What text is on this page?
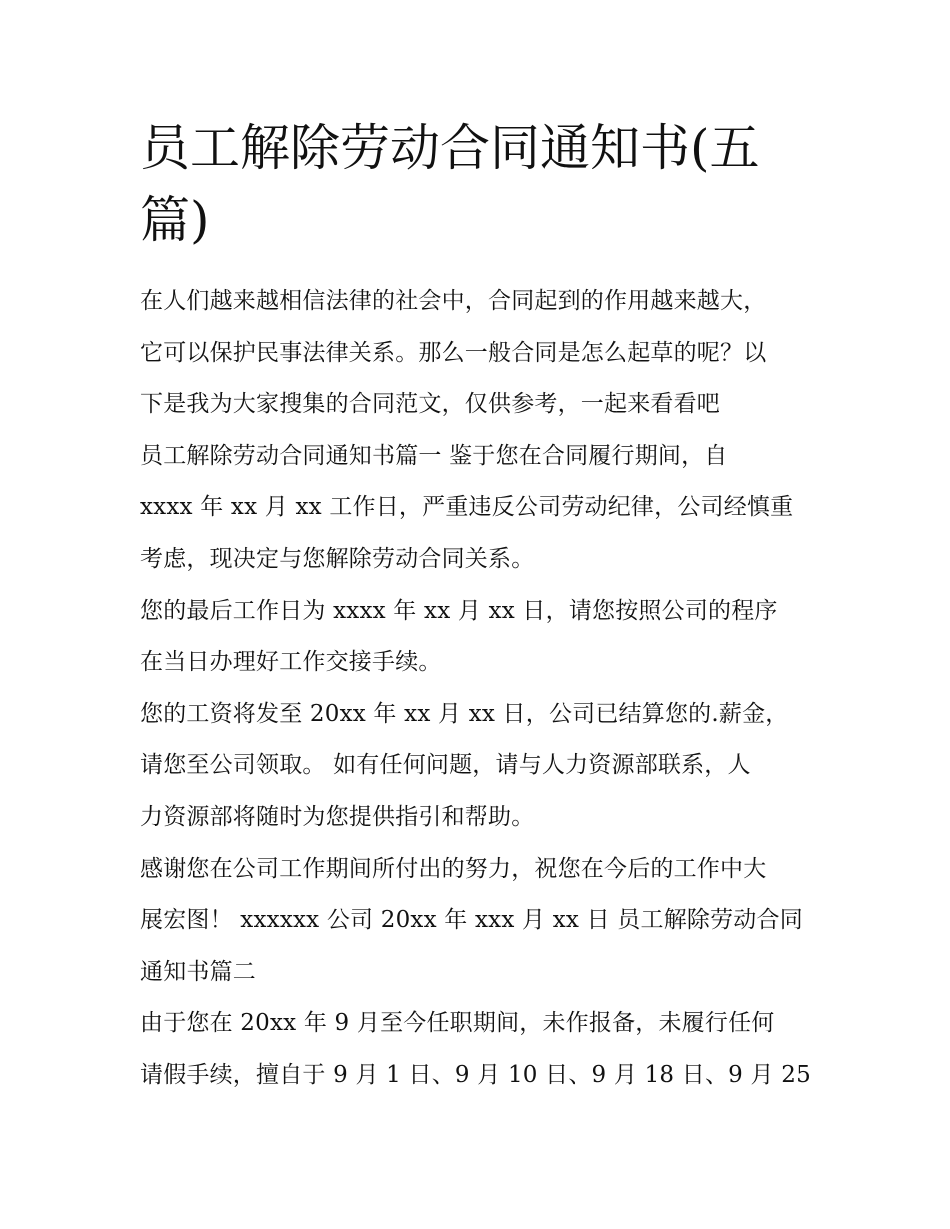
员工解除劳动合同通知书(五
篇)
在人们越来越相信法律的社会中，合同起到的作用越来越大，
它可以保护民事法律关系。那么一般合同是怎么起草的呢？以
下是我为大家搜集的合同范文，仅供参考，一起来看看吧
员工解除劳动合同通知书篇一 鉴于您在合同履行期间，自
xxxx 年 xx 月 xx 工作日，严重违反公司劳动纪律，公司经慎重
考虑，现决定与您解除劳动合同关系。
您的最后工作日为 xxxx 年 xx 月 xx 日，请您按照公司的程序
在当日办理好工作交接手续。
您的工资将发至 20xx 年 xx 月 xx 日，公司已结算您的.薪金，
请您至公司领取。 如有任何问题，请与人力资源部联系，人
力资源部将随时为您提供指引和帮助。
感谢您在公司工作期间所付出的努力，祝您在今后的工作中大
展宏图！ xxxxxx 公司 20xx 年 xxx 月 xx 日 员工解除劳动合同
通知书篇二
由于您在 20xx 年 9 月至今任职期间，未作报备，未履行任何
请假手续，擅自于 9 月 1 日、9 月 10 日、9 月 18 日、9 月 25
